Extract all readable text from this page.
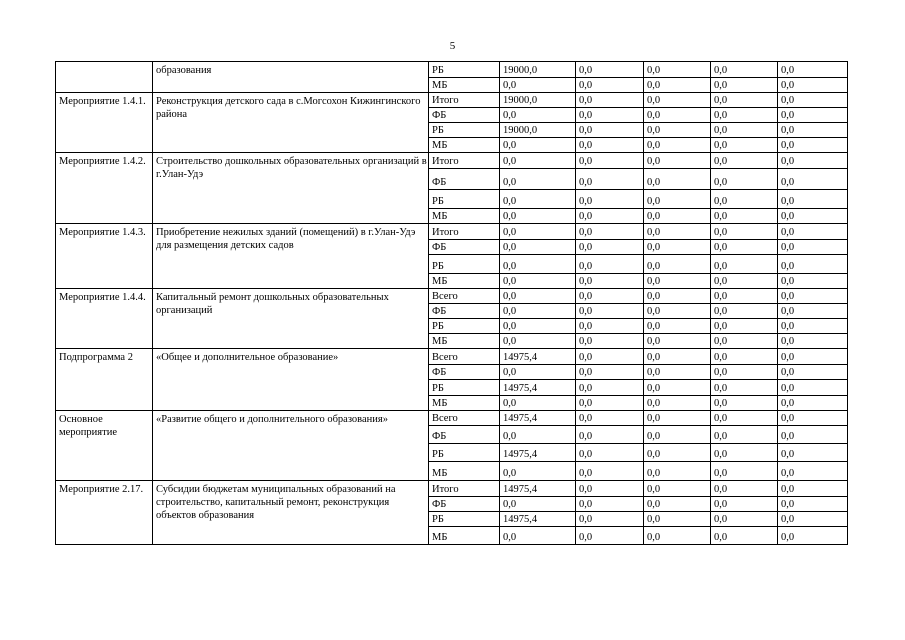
5
	образования	РБ	19000,0	0,0	0,0	0,0	0,0
		МБ	0,0	0,0	0,0	0,0	0,0
Мероприятие 1.4.1.	Реконструкция детского сада в с.Могсохон Кижингинского района	Итого	19000,0	0,0	0,0	0,0	0,0
		ФБ	0,0	0,0	0,0	0,0	0,0
		РБ	19000,0	0,0	0,0	0,0	0,0
		МБ	0,0	0,0	0,0	0,0	0,0
Мероприятие 1.4.2.	Строительство дошкольных образовательных организаций в г.Улан-Удэ	Итого	0,0	0,0	0,0	0,0	0,0
		ФБ	0,0	0,0	0,0	0,0	0,0
		РБ	0,0	0,0	0,0	0,0	0,0
		МБ	0,0	0,0	0,0	0,0	0,0
Мероприятие 1.4.3.	Приобретение нежилых зданий (помещений) в г.Улан-Удэ для размещения детских садов	Итого	0,0	0,0	0,0	0,0	0,0
		ФБ	0,0	0,0	0,0	0,0	0,0
		РБ	0,0	0,0	0,0	0,0	0,0
		МБ	0,0	0,0	0,0	0,0	0,0
Мероприятие 1.4.4.	Капитальный ремонт дошкольных образовательных организаций	Всего	0,0	0,0	0,0	0,0	0,0
		ФБ	0,0	0,0	0,0	0,0	0,0
		РБ	0,0	0,0	0,0	0,0	0,0
		МБ	0,0	0,0	0,0	0,0	0,0
Подпрограмма 2	«Общее и дополнительное образование»	Всего	14975,4	0,0	0,0	0,0	0,0
		ФБ	0,0	0,0	0,0	0,0	0,0
		РБ	14975,4	0,0	0,0	0,0	0,0
		МБ	0,0	0,0	0,0	0,0	0,0
Основное мероприятие	«Развитие общего и дополнительного образования»	Всего	14975,4	0,0	0,0	0,0	0,0
		ФБ	0,0	0,0	0,0	0,0	0,0
		РБ	14975,4	0,0	0,0	0,0	0,0
		МБ	0,0	0,0	0,0	0,0	0,0
Мероприятие 2.17.	Субсидии бюджетам муниципальных образований на строительство, капитальный ремонт, реконструкция объектов образования	Итого	14975,4	0,0	0,0	0,0	0,0
		ФБ	0,0	0,0	0,0	0,0	0,0
		РБ	14975,4	0,0	0,0	0,0	0,0
		МБ	0,0	0,0	0,0	0,0	0,0
